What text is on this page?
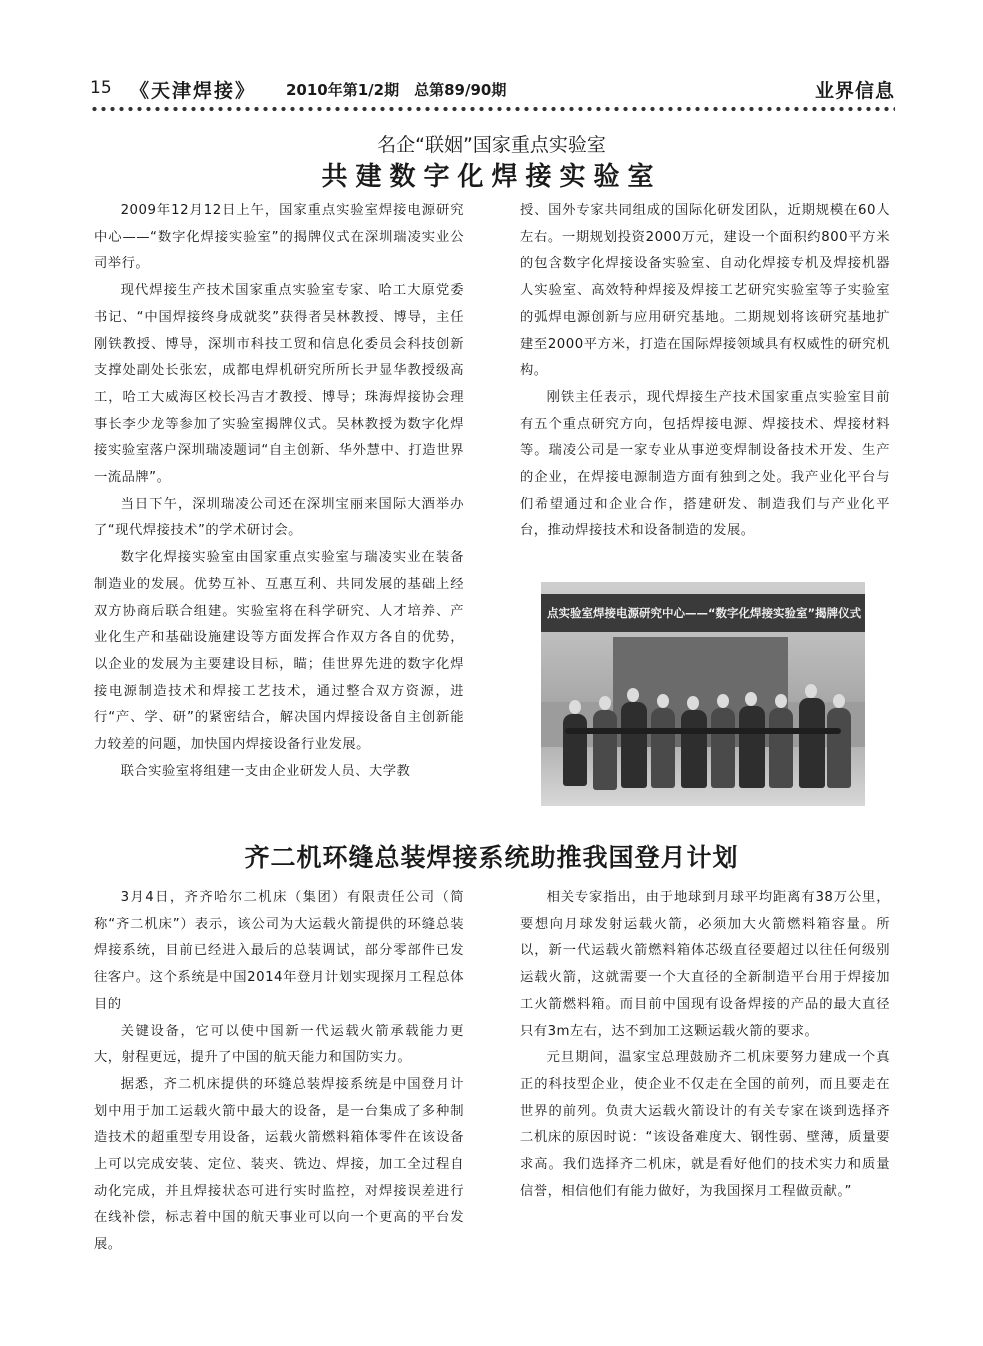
15 《天津焊接》 2010年第1/2期　总第89/90期	业界信息
名企“联姻”国家重点实验室
共建数字化焊接实验室

2009年12月12日上午，国家重点实验室焊接电源研究中心——“数字化焊接实验室”的揭牌仪式在深圳瑞凌实业公司举行。

现代焊接生产技术国家重点实验室专家、哈工大原党委书记、“中国焊接终身成就奖”获得者吴林教授、博导，主任刚铁教授、博导，深圳市科技工贸和信息化委员会科技创新支撑处副处长张宏，成都电焊机研究所所长尹显华教授级高工，哈工大威海区校长冯吉才教授、博导；珠海焊接协会理事长李少龙等参加了实验室揭牌仪式。吴林教授为数字化焊接实验室落户深圳瑞凌题词“自主创新、华外慧中、打造世界一流品牌”。

当日下午，深圳瑞凌公司还在深圳宝丽来国际大酒举办了“现代焊接技术”的学术研讨会。

数字化焊接实验室由国家重点实验室与瑞凌实业在装备制造业的发展。优势互补、互惠互利、共同发展的基础上经双方协商后联合组建。实验室将在科学研究、人才培养、产业化生产和基础设施建设等方面发挥合作双方各自的优势，以企业的发展为主要建设目标，瞄；佳世界先进的数字化焊接电源制造技术和焊接工艺技术，通过整合双方资源，进行“产、学、研”的紧密结合，解决国内焊接设备自主创新能力较差的问题，加快国内焊接设备行业发展。

联合实验室将组建一支由企业研发人员、大学教

授、国外专家共同组成的国际化研发团队，近期规模在60人左右。一期规划投资2000万元，建设一个面积约800平方米的包含数字化焊接设备实验室、自动化焊接专机及焊接机器人实验室、高效特种焊接及焊接工艺研究实验室等子实验室的弧焊电源创新与应用研究基地。二期规划将该研究基地扩建至2000平方米，打造在国际焊接领域具有权威性的研究机构。

刚铁主任表示，现代焊接生产技术国家重点实验室目前有五个重点研究方向，包括焊接电源、焊接技术、焊接材料等。瑞凌公司是一家专业从事逆变焊制设备技术开发、生产的企业，在焊接电源制造方面有独到之处。我产业化平台与们希望通过和企业合作，搭建研发、制造我们与产业化平台，推动焊接技术和设备制造的发展。

点实验室焊接电源研究中心——“数字化焊接实验室”揭牌仪式
齐二机环缝总装焊接系统助推我国登月计划

3月4日，齐齐哈尔二机床（集团）有限责任公司（简称“齐二机床”）表示，该公司为大运载火箭提供的环缝总装焊接系统，目前已经进入最后的总装调试，部分零部件已发往客户。这个系统是中国2014年登月计划实现探月工程总体目的

关键设备，它可以使中国新一代运载火箭承载能力更大，射程更远，提升了中国的航天能力和国防实力。

据悉，齐二机床提供的环缝总装焊接系统是中国登月计划中用于加工运载火箭中最大的设备，是一台集成了多种制造技术的超重型专用设备，运载火箭燃料箱体零件在该设备上可以完成安装、定位、装夹、铣边、焊接，加工全过程自动化完成，并且焊接状态可进行实时监控，对焊接误差进行在线补偿，标志着中国的航天事业可以向一个更高的平台发展。

相关专家指出，由于地球到月球平均距离有38万公里，要想向月球发射运载火箭，必须加大火箭燃料箱容量。所以，新一代运载火箭燃料箱体芯级直径要超过以往任何级别运载火箭，这就需要一个大直径的全新制造平台用于焊接加工火箭燃料箱。而目前中国现有设备焊接的产品的最大直径只有3m左右，达不到加工这颗运载火箭的要求。

元旦期间，温家宝总理鼓励齐二机床要努力建成一个真正的科技型企业，使企业不仅走在全国的前列，而且要走在世界的前列。负责大运载火箭设计的有关专家在谈到选择齐二机床的原因时说：“该设备难度大、钢性弱、壁薄，质量要求高。我们选择齐二机床，就是看好他们的技术实力和质量信誉，相信他们有能力做好，为我国探月工程做贡献。”
